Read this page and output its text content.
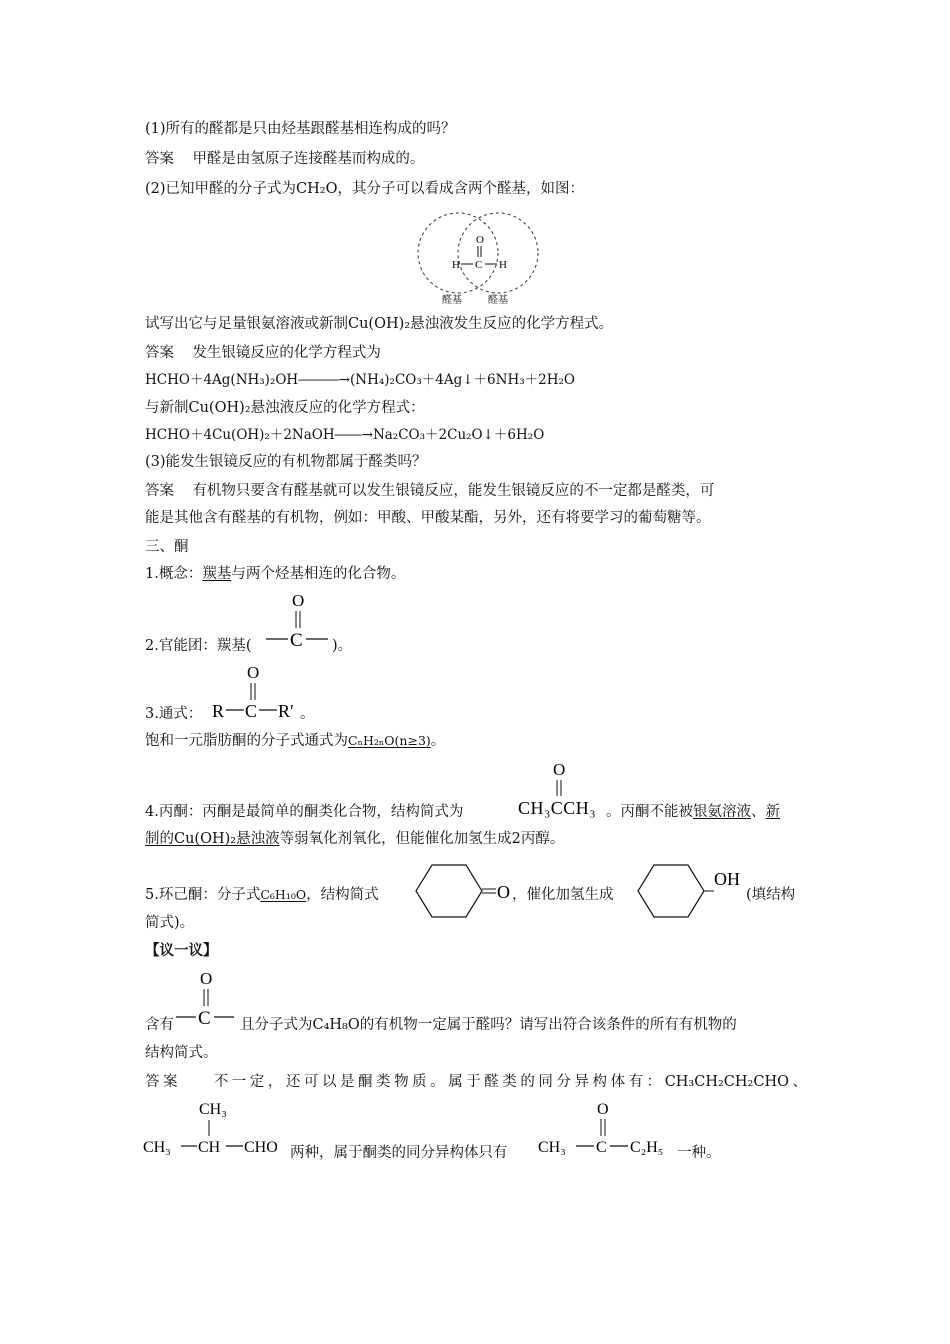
(1)所有的醛都是只由烃基跟醛基相连构成的吗？
答案 甲醛是由氢原子连接醛基而构成的。
(2)已知甲醛的分子式为CH₂O，其分子可以看成含两个醛基，如图：
O
H C H
醛基	醛基
试写出它与足量银氨溶液或新制Cu(OH)₂悬浊液发生反应的化学方程式。
答案 发生银镜反应的化学方程式为
HCHO＋4Ag(NH₃)₂OH―――→(NH₄)₂CO₃＋4Ag↓＋6NH₃＋2H₂O
与新制Cu(OH)₂悬浊液反应的化学方程式：
HCHO＋4Cu(OH)₂＋2NaOH――→Na₂CO₃＋2Cu₂O↓＋6H₂O
(3)能发生银镜反应的有机物都属于醛类吗？
答案 有机物只要含有醛基就可以发生银镜反应，能发生银镜反应的不一定都是醛类，可
能是其他含有醛基的有机物，例如：甲酸、甲酸某酯，另外，还有将要学习的葡萄糖等。
三、酮
1.概念：羰基与两个烃基相连的化合物。
2.官能团：羰基(
O
C )。
3.通式：
O
R C R′ 。
饱和一元脂肪酮的分子式通式为CₙH₂ₙO(n≥3)。
4.丙酮：丙酮是最简单的酮类化合物，结构简式为
O
CH₃CCH₃ 。丙酮不能被银氨溶液、新
制的Cu(OH)₂悬浊液等弱氧化剂氧化，但能催化加氢生成2丙醇。
5.环己酮：分子式C₆H₁₀O，结构简式	O ，催化加氢生成
OH
(填结构
简式)。
【议一议】
含有
O
C 且分子式为C₄H₈O的有机物一定属于醛吗？请写出符合该条件的所有有机物的
结构简式。
答案 不一定，还可以是酮类物质。属于醛类的同分异构体有：CH₃CH₂CH₂CHO、
CH₃
CH₃ CH CHO 两种，属于酮类的同分异构体只有
O
CH₃ C C₂H₅ 一种。
